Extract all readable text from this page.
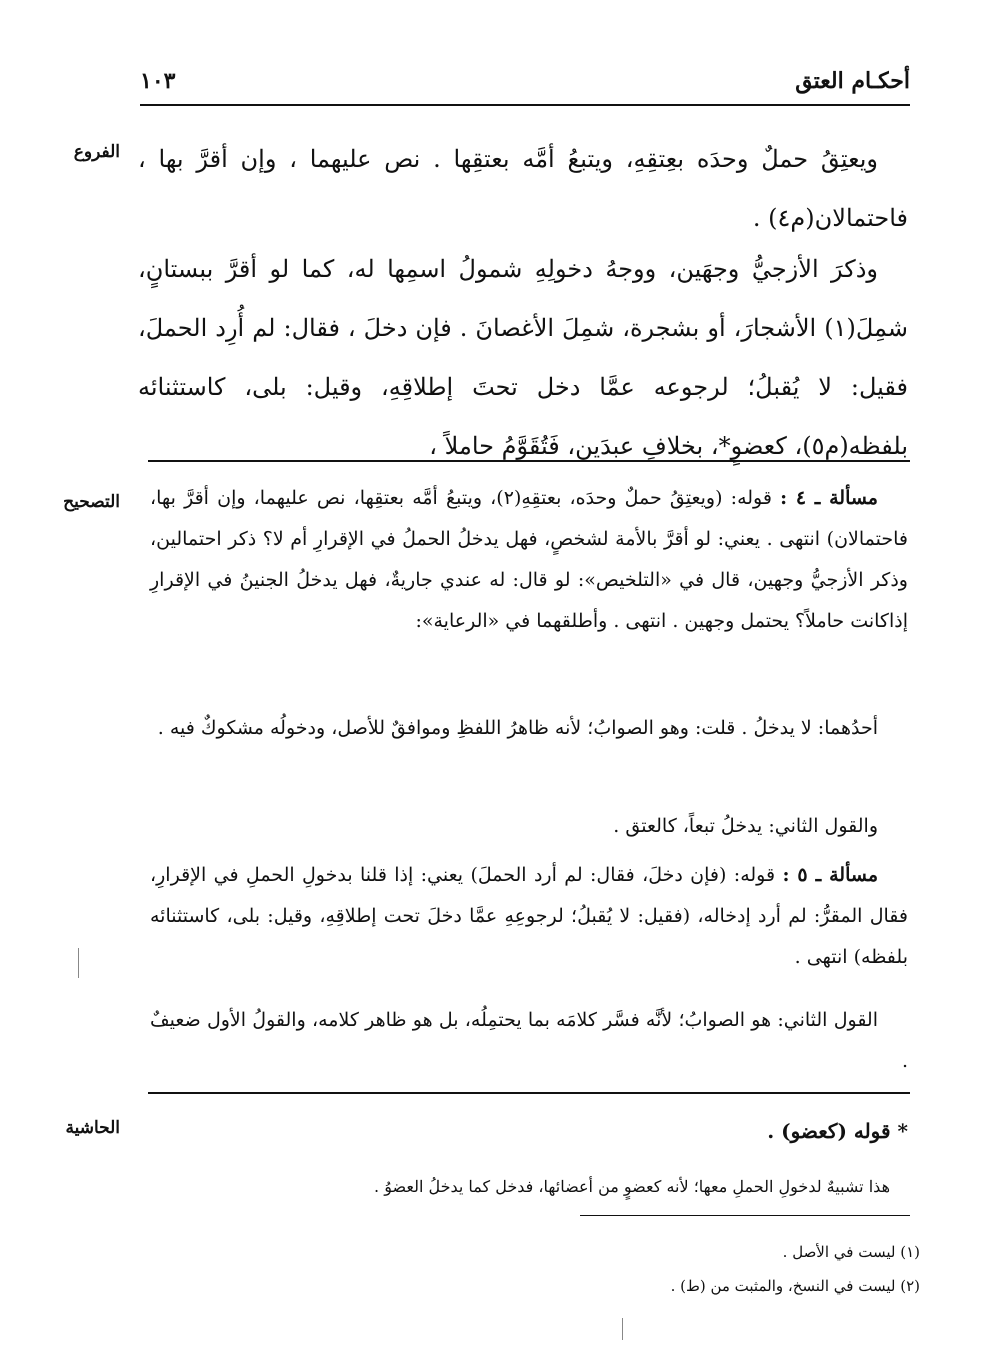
أحكـام العتق
١٠٣
الفروع
التصحيح
الحاشية
ويعتِقُ حملٌ وحدَه بعِتقِهِ، ويتبعُ أمَّه بعتقِها . نص عليهما ، وإن أقرَّ بها ، فاحتمالان(م٤) .
وذكرَ الأزجيُّ وجهَين، ووجهُ دخولِهِ شمولُ اسمِها له، كما لو أقرَّ ببستانٍ، شمِلَ(١) الأشجارَ، أو بشجرة، شمِلَ الأغصانَ . فإن دخلَ ، فقال: لم أُرِد الحملَ، فقيل: لا يُقبلُ؛ لرجوعه عمَّا دخل تحتَ إطلاقِهِ، وقيل: بلى، كاستثنائه بلفظه(م٥)، كعضوٍ*، بخلافِ عبدَين، فَتُقَوَّمُ حاملاً ،
مسألة ـ ٤ : قوله: (ويعتِقُ حملٌ وحدَه، بعتقِهِ(٢)، ويتبعُ أمَّه بعتقِها، نص عليهما، وإن أقرَّ بها، فاحتمالان) انتهى . يعني: لو أقرَّ بالأمة لشخصٍ، فهل يدخلُ الحملُ في الإقرارِ أم لا؟ ذكر احتمالين، وذكر الأزجيُّ وجهين، قال في «التلخيص»: لو قال: له عندي جاريةٌ، فهل يدخلُ الجنينُ في الإقرارِ إذاكانت حاملاً؟ يحتمل وجهين . انتهى . وأطلقهما في «الرعاية»:
أحدُهما: لا يدخلُ . قلت: وهو الصوابُ؛ لأنه ظاهرُ اللفظِ وموافقٌ للأصل، ودخولُه مشكوكٌ فيه .
والقول الثاني: يدخلُ تبعاً، كالعتق .
مسألة ـ ٥ : قوله: (فإن دخلَ، فقال: لم أرد الحملَ) يعني: إذا قلنا بدخولِ الحملِ في الإقرارِ، فقال المقرُّ: لم أرد إدخاله، (فقيل: لا يُقبلُ؛ لرجوعِهِ عمَّا دخلَ تحت إطلاقِهِ، وقيل: بلى، كاستثنائه بلفظه) انتهى .
القول الثاني: هو الصوابُ؛ لأنَّه فسَّر كلامَه بما يحتمِلُه، بل هو ظاهر كلامه، والقولُ الأول ضعيفٌ .
* قوله (كعضو) .
هذا تشبيهٌ لدخولِ الحملِ معها؛ لأنه كعضوٍ من أعضائها، فدخل كما يدخلُ العضوُ .
(١) ليست في الأصل .
(٢) ليست في النسخ، والمثبت من (ط) .
